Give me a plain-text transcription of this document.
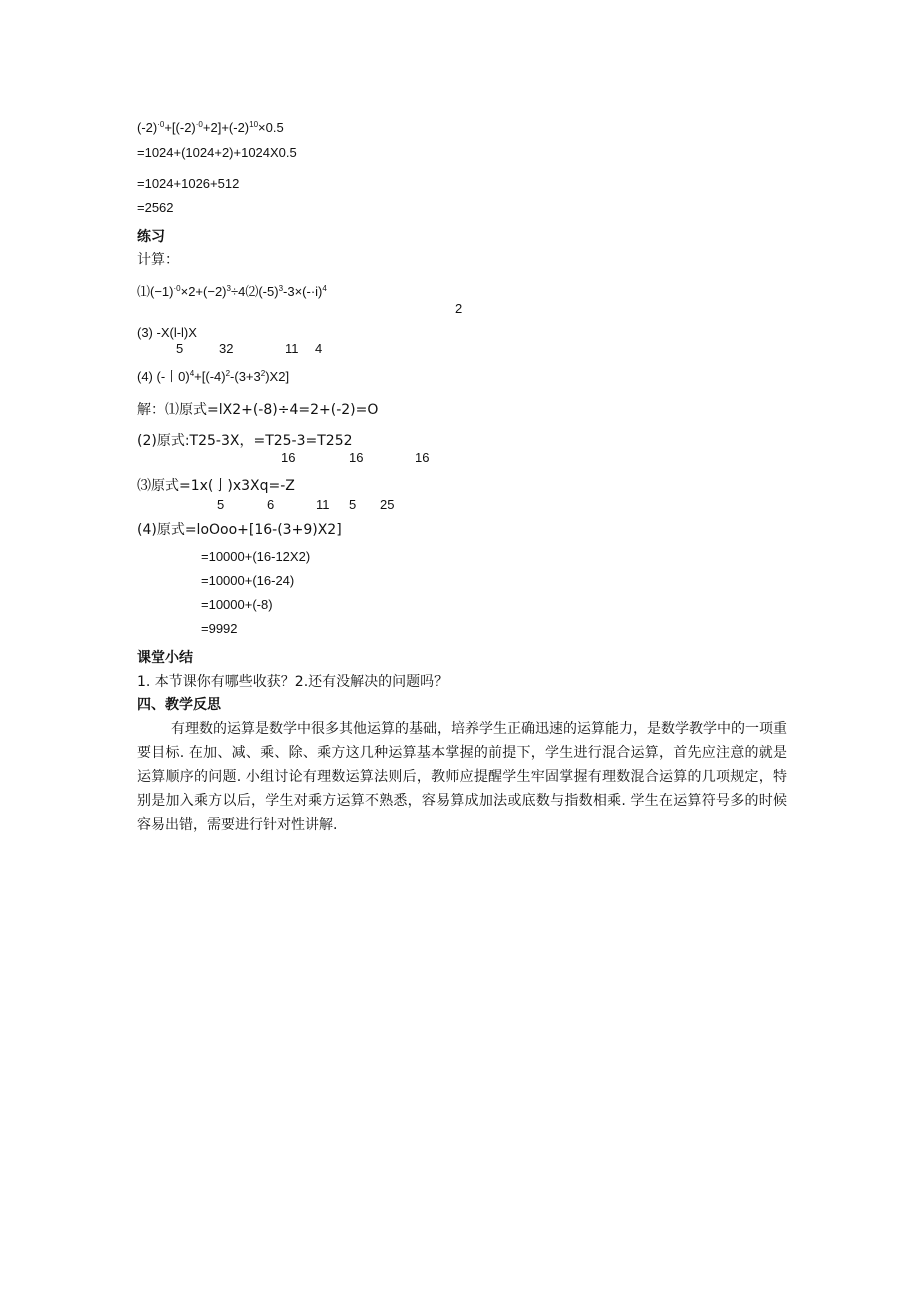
$(-2)^{\cdot 0}+[(-2)^{\cdot 0}+2]+(-2)^{10}\times 0.5$
=1024+(1024+2)+1024X0.5
=1024+1026+512
=2562
练习
计算：
$⑴(-1)^{\cdot 0}\times 2+(-2)^3\div 4⑵(-5)^3-3\times(-\cdot i)^4$
2
(3) -X(l-l)X
5	32	11 4
(4) (-丨$0)^4+[(-4)^2-(3+3^2)X2]$
解：⑴原式=lX2+(-8)÷4=2+(-2)=O
(2)原式:T25-3X，=T25-3=T252
16	16	16
⑶原式=1x(亅)x3Xq=-Z
5	6	11 5 25
(4)原式=loOoo+[16-(3+9)X2]
=10000+(16-12X2)
=10000+(16-24)
=10000+(-8)
=9992
课堂小结
1. 本节课你有哪些收获？2.还有没解决的问题吗？
四、教学反思
有理数的运算是数学中很多其他运算的基础，培养学生正确迅速的运算能力，是数学教学中的一项重要目标. 在加、减、乘、除、乘方这几种运算基本掌握的前提下，学生进行混合运算，首先应注意的就是运算顺序的问题. 小组讨论有理数运算法则后，教师应提醒学生牢固掌握有理数混合运算的几项规定，特别是加入乘方以后，学生对乘方运算不熟悉，容易算成加法或底数与指数相乘. 学生在运算符号多的时候容易出错，需要进行针对性讲解.
